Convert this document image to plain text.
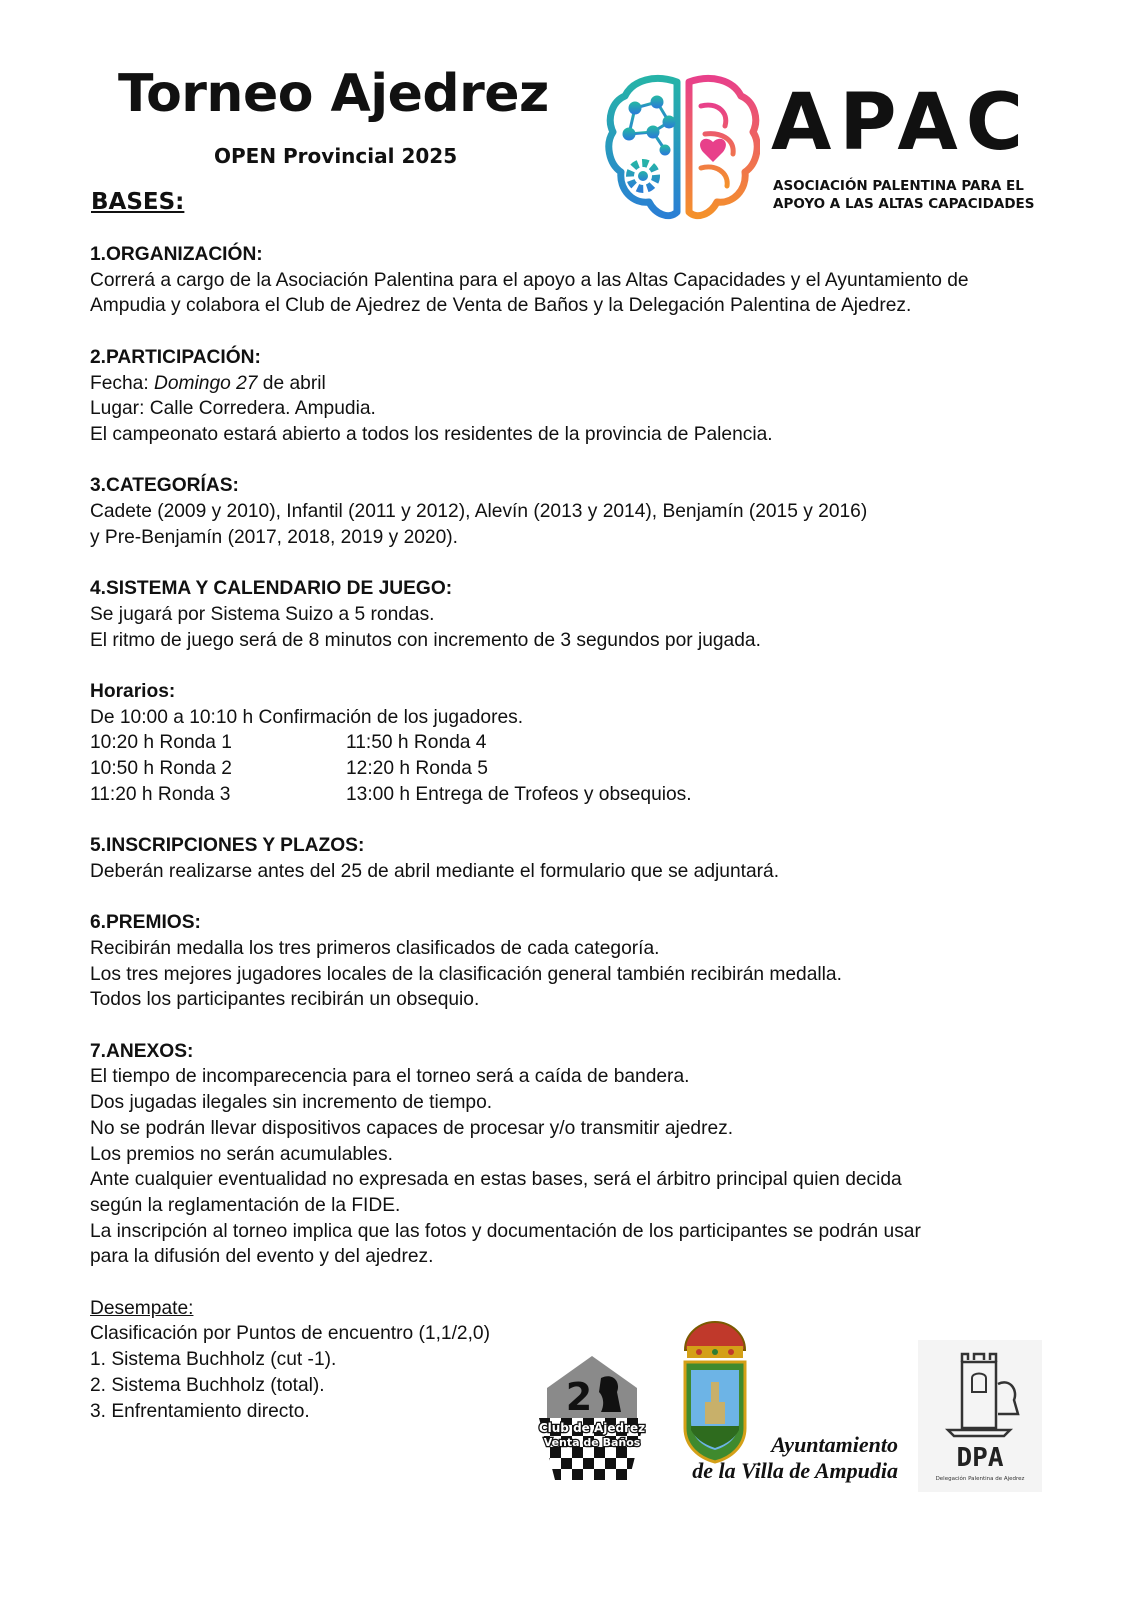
Torneo Ajedrez
OPEN Provincial 2025
BASES:
APAC
ASOCIACIÓN PALENTINA PARA EL
APOYO A LAS ALTAS CAPACIDADES
1.ORGANIZACIÓN:

Correrá a cargo de la Asociación Palentina para el apoyo a las Altas Capacidades y el Ayuntamiento de

Ampudia y colabora el Club de Ajedrez de Venta de Baños y la Delegación Palentina de Ajedrez.

2.PARTICIPACIÓN:

Fecha: Domingo 27 de abril

Lugar: Calle Corredera. Ampudia.

El campeonato estará abierto a todos los residentes de la provincia de Palencia.

3.CATEGORÍAS:

Cadete (2009 y 2010), Infantil (2011 y 2012), Alevín (2013 y 2014), Benjamín (2015 y 2016)

y Pre-Benjamín (2017, 2018, 2019 y 2020).

4.SISTEMA Y CALENDARIO DE JUEGO:

Se jugará por Sistema Suizo a 5 rondas.

El ritmo de juego será de 8 minutos con incremento de 3 segundos por jugada.

Horarios:

De 10:00 a 10:10 h Confirmación de los jugadores.

10:20 h Ronda 1	11:50 h Ronda 4
10:50 h Ronda 2	12:20 h Ronda 5
11:20 h Ronda 3	13:00 h Entrega de Trofeos y obsequios.
5.INSCRIPCIONES Y PLAZOS:

Deberán realizarse antes del 25 de abril mediante el formulario que se adjuntará.

6.PREMIOS:

Recibirán medalla los tres primeros clasificados de cada categoría.

Los tres mejores jugadores locales de la clasificación general también recibirán medalla.

Todos los participantes recibirán un obsequio.

7.ANEXOS:

El tiempo de incomparecencia para el torneo será a caída de bandera.

Dos jugadas ilegales sin incremento de tiempo.

No se podrán llevar dispositivos capaces de procesar y/o transmitir ajedrez.

Los premios no serán acumulables.

Ante cualquier eventualidad no expresada en estas bases, será el árbitro principal quien decida

según la reglamentación de la FIDE.

La inscripción al torneo implica que las fotos y documentación de los participantes se podrán usar

para la difusión del evento y del ajedrez.

Desempate:

Clasificación por Puntos de encuentro (1,1/2,0)

1. Sistema Buchholz (cut -1).

2. Sistema Buchholz (total).

3. Enfrentamiento directo.	2
Club de Ajedrez
Venta de Baños	Ayuntamiento
de la Villa de Ampudia DPA
Delegación Palentina de Ajedrez
